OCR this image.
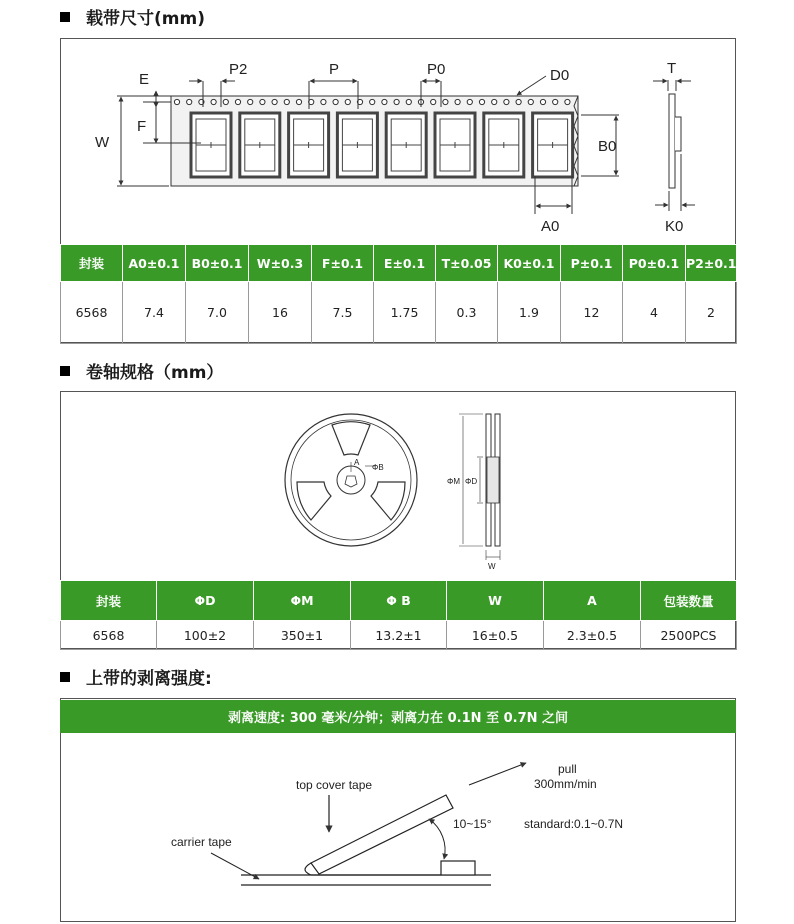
载带尺寸(mm)
E
F
W
P2	P	P0	D0
B0
A0
T
K0
封装	A0±0.1	B0±0.1	W±0.3	F±0.1	E±0.1	T±0.05	K0±0.1	P±0.1	P0±0.1	P2±0.1
6568	7.4	7.0	16	7.5	1.75	0.3	1.9	12	4	2
卷轴规格（mm）
A
ΦB
ΦM ΦD
W
封装	ΦD	ΦM	Φ B	W	A	包装数量
6568	100±2	350±1	13.2±1	16±0.5	2.3±0.5	2500PCS
上带的剥离强度:
剥离速度: 300 毫米/分钟；剥离力在 0.1N 至 0.7N 之间
pull
300mm/min
top cover tape
10~15°	standard:0.1~0.7N
carrier tape
